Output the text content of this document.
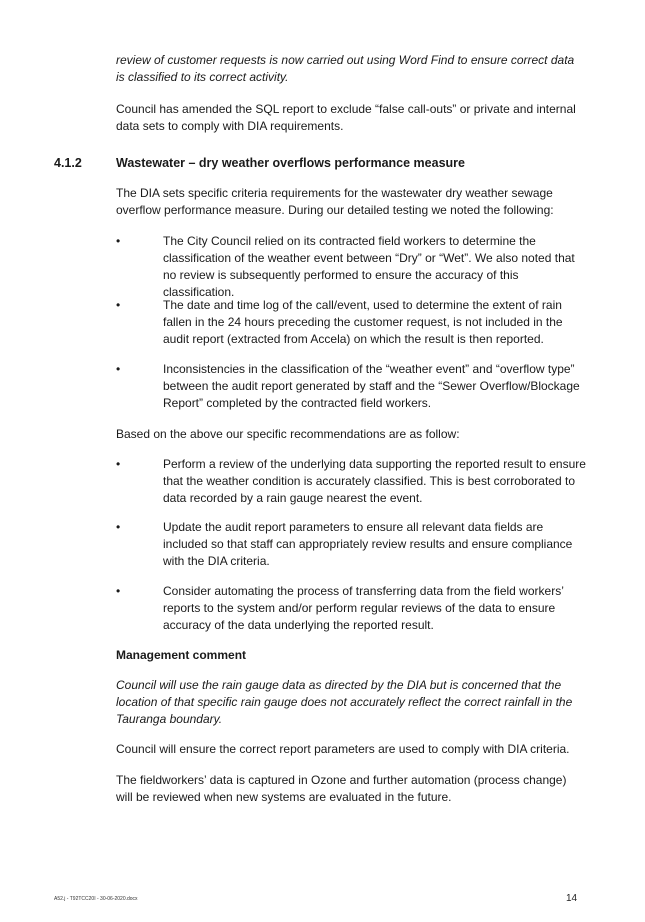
review of customer requests is now carried out using Word Find to ensure correct data is classified to its correct activity.

Council has amended the SQL report to exclude “false call-outs” or private and internal data sets to comply with DIA requirements.

4.1.2	Wastewater – dry weather overflows performance measure

The DIA sets specific criteria requirements for the wastewater dry weather sewage overflow performance measure. During our detailed testing we noted the following:

•	The City Council relied on its contracted field workers to determine the classification of the weather event between “Dry” or “Wet”. We also noted that no review is subsequently performed to ensure the accuracy of this classification.

•	The date and time log of the call/event, used to determine the extent of rain fallen in the 24 hours preceding the customer request, is not included in the audit report (extracted from Accela) on which the result is then reported.

•	Inconsistencies in the classification of the “weather event” and “overflow type” between the audit report generated by staff and the “Sewer Overflow/Blockage Report” completed by the contracted field workers.

Based on the above our specific recommendations are as follow:

•	Perform a review of the underlying data supporting the reported result to ensure that the weather condition is accurately classified. This is best corroborated to data recorded by a rain gauge nearest the event.

•	Update the audit report parameters to ensure all relevant data fields are included so that staff can appropriately review results and ensure compliance with the DIA criteria.

•	Consider automating the process of transferring data from the field workers’ reports to the system and/or perform regular reviews of the data to ensure accuracy of the data underlying the reported result.

Management comment

Council will use the rain gauge data as directed by the DIA but is concerned that the location of that specific rain gauge does not accurately reflect the correct rainfall in the Tauranga boundary.

Council will ensure the correct report parameters are used to comply with DIA criteria.

The fieldworkers’ data is captured in Ozone and further automation (process change) will be reviewed when new systems are evaluated in the future.

A52.j - T92TCC20I - 30-06-2020.docx	14
